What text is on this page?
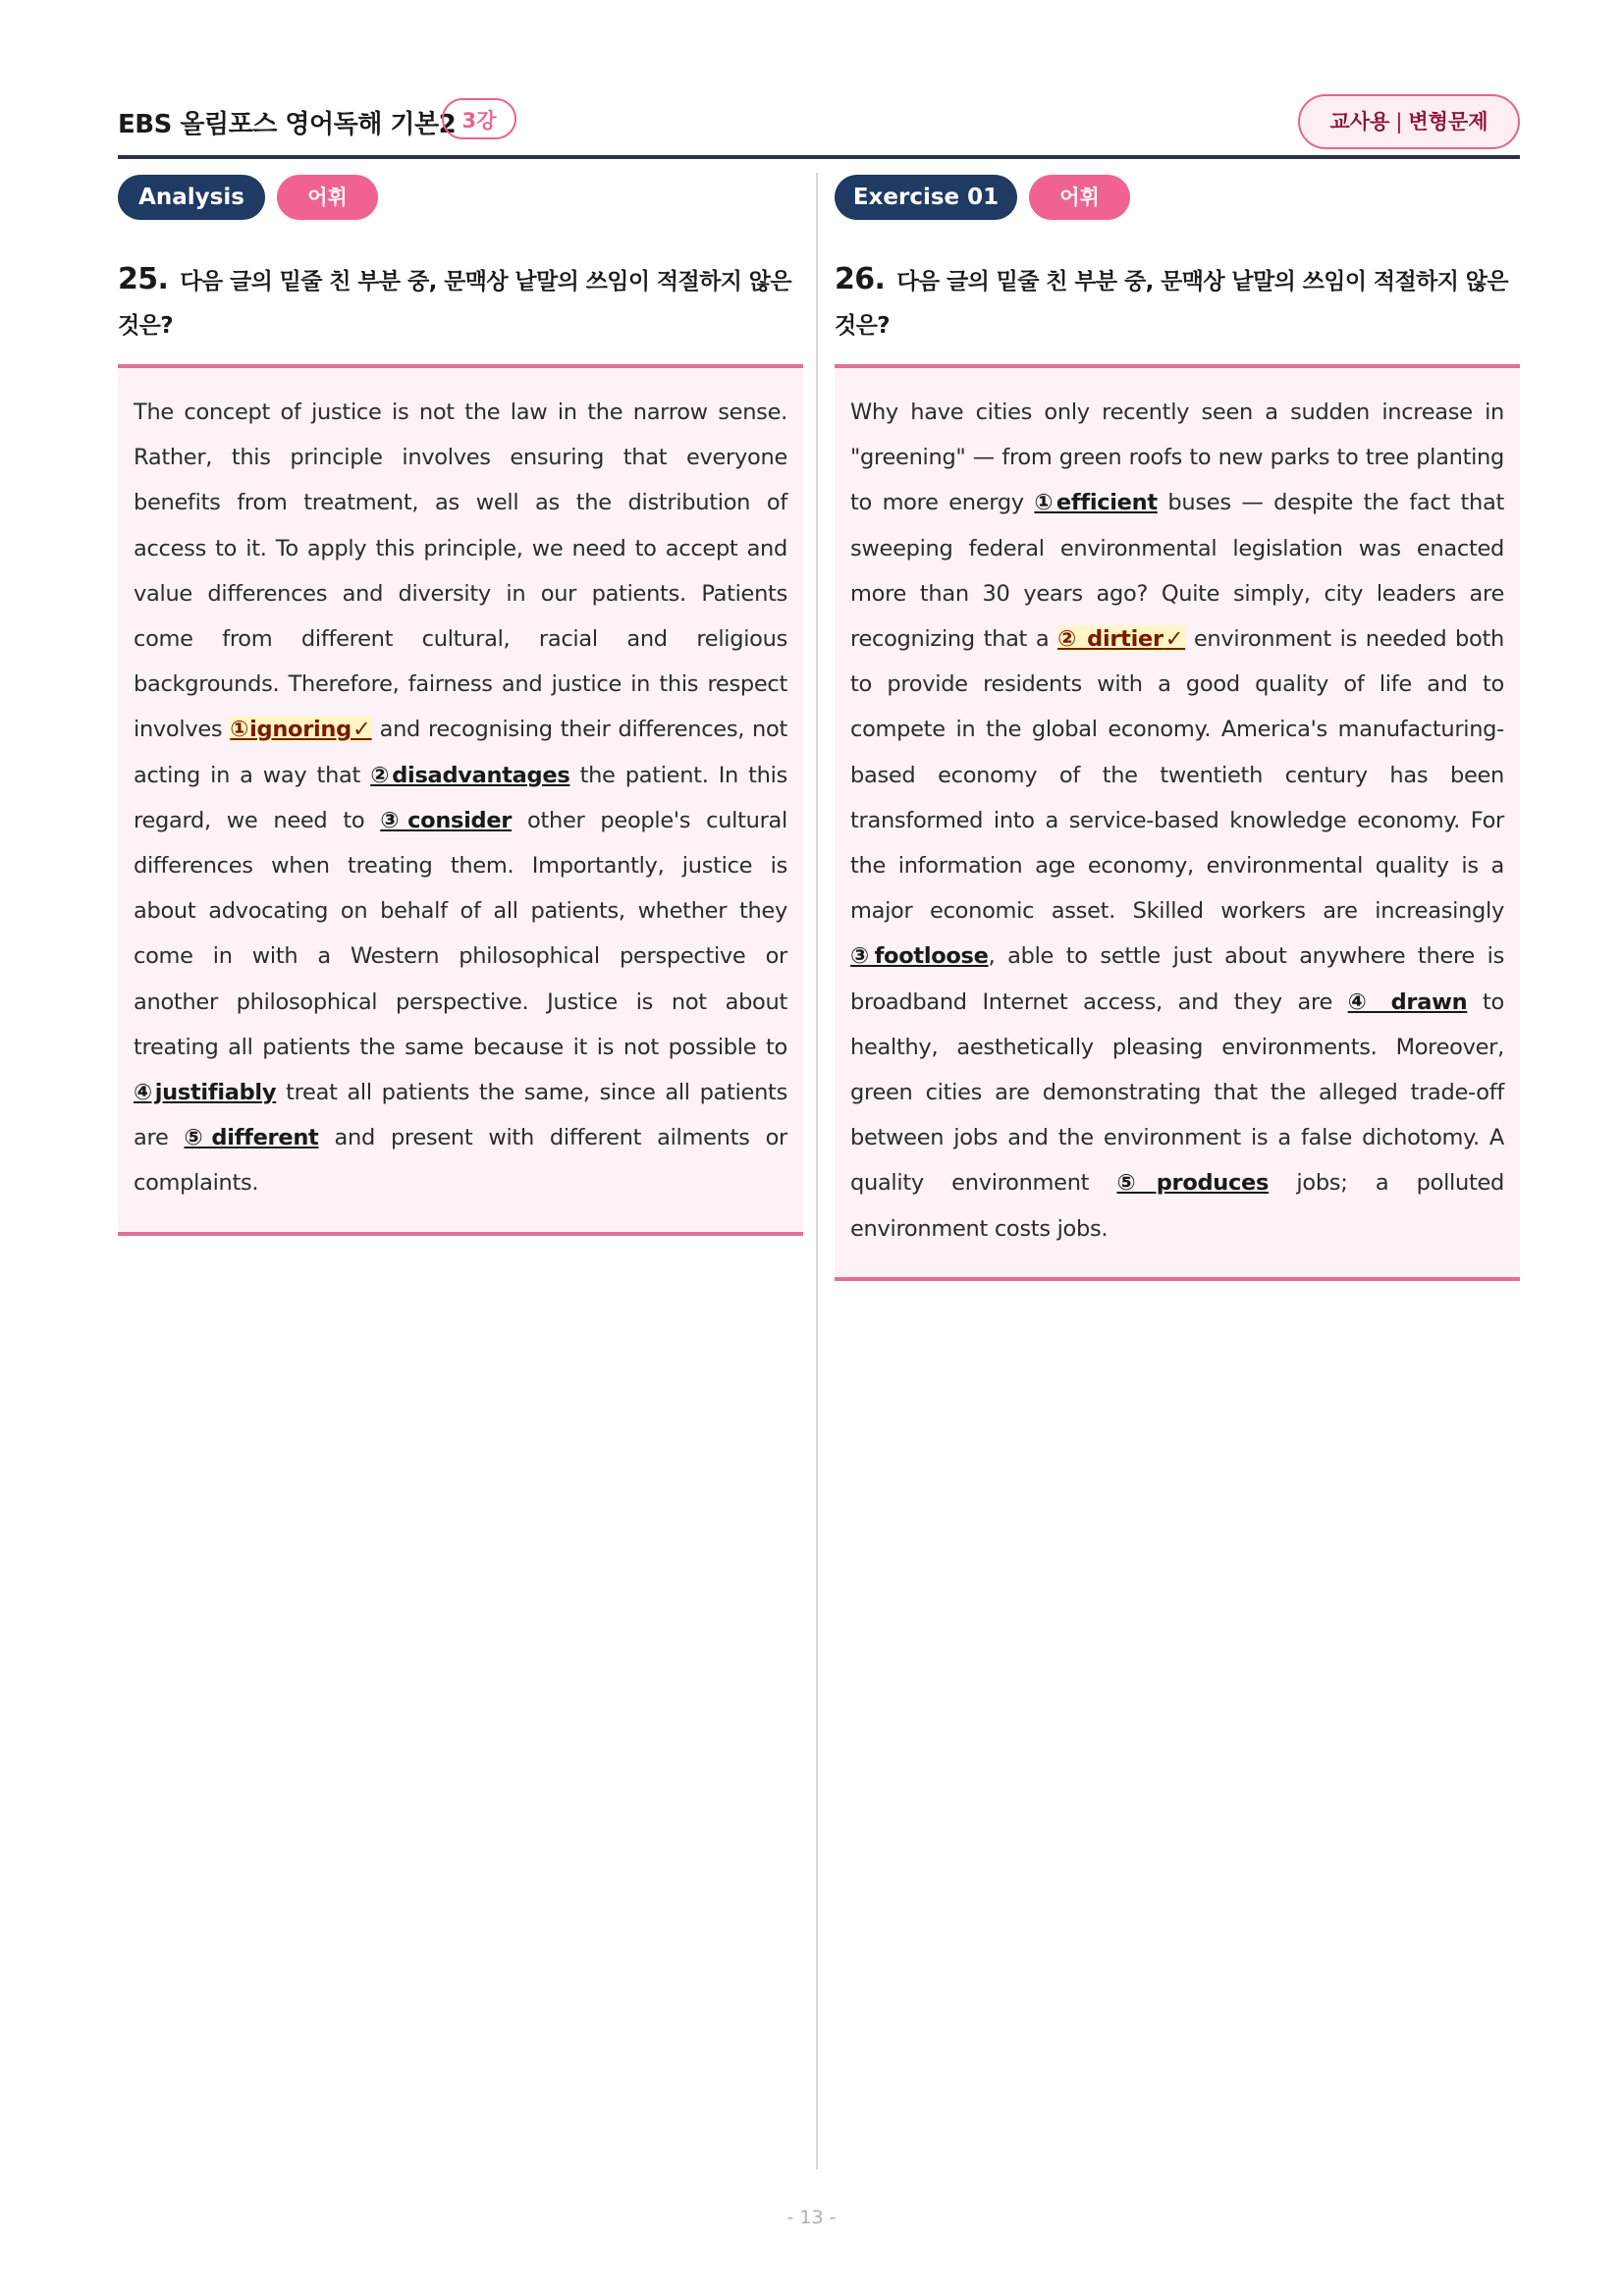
EBS 올림포스 영어독해 기본2 3강	교사용 | 변형문제
Analysis	어휘
25. 다음 글의 밑줄 친 부분 중, 문맥상 낱말의 쓰임이 적절하지 않은 것은?

The concept of justice is not the law in the narrow sense. Rather, this principle involves ensuring that everyone benefits from treatment, as well as the distribution of access to it. To apply this principle, we need to accept and value differences and diversity in our patients. Patients come from different cultural, racial and religious backgrounds. Therefore, fairness and justice in this respect involves ①ignoring✓ and recognising their differences, not acting in a way that ②disadvantages the patient. In this regard, we need to ③consider other people's cultural differences when treating them. Importantly, justice is about advocating on behalf of all patients, whether they come in with a Western philosophical perspective or another philosophical perspective. Justice is not about treating all patients the same because it is not possible to ④justifiably treat all patients the same, since all patients are ⑤different and present with different ailments or complaints.

Exercise 01	어휘
26. 다음 글의 밑줄 친 부분 중, 문맥상 낱말의 쓰임이 적절하지 않은 것은?

Why have cities only recently seen a sudden increase in "greening" — from green roofs to new parks to tree planting to more energy ①efficient buses — despite the fact that sweeping federal environmental legislation was enacted more than 30 years ago? Quite simply, city leaders are recognizing that a ② dirtier✓ environment is needed both to provide residents with a good quality of life and to compete in the global economy. America's manufacturing-based economy of the twentieth century has been transformed into a service-based knowledge economy. For the information age economy, environmental quality is a major economic asset. Skilled workers are increasingly ③footloose, able to settle just about anywhere there is broadband Internet access, and they are ④ drawn to healthy, aesthetically pleasing environments. Moreover, green cities are demonstrating that the alleged trade-off between jobs and the environment is a false dichotomy. A quality environment ⑤produces jobs; a polluted environment costs jobs.

- 13 -
